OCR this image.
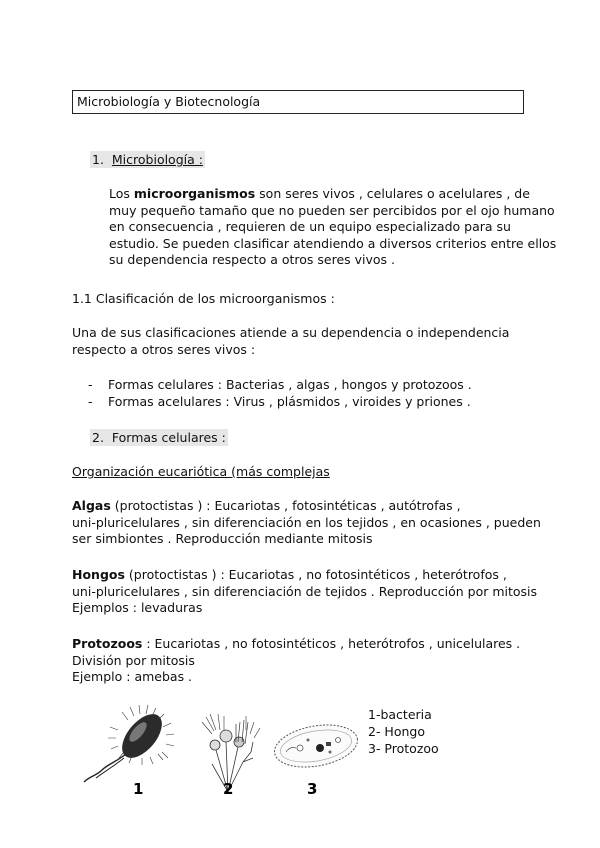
Microbiología y Biotecnología
1. Microbiología :
Los microorganismos son seres vivos , celulares o acelulares , de
muy pequeño tamaño que no pueden ser percibidos por el ojo humano
en consecuencia , requieren de un equipo especializado para su
estudio. Se pueden clasificar atendiendo a diversos criterios entre ellos
su dependencia respecto a otros seres vivos .
1.1 Clasificación de los microorganismos :
Una de sus clasificaciones atiende a su dependencia o independencia
respecto a otros seres vivos :
- Formas celulares : Bacterias , algas , hongos y protozoos .
- Formas acelulares : Virus , plásmidos , viroides y priones .
2. Formas celulares :
Organización eucariótica (más complejas
Algas (protoctistas ) : Eucariotas , fotosintéticas , autótrofas ,
uni-pluricelulares , sin diferenciación en los tejidos , en ocasiones , pueden
ser simbiontes . Reproducción mediante mitosis
Hongos (protoctistas ) : Eucariotas , no fotosintéticos , heterótrofos ,
uni-pluricelulares , sin diferenciación de tejidos . Reproducción por mitosis
Ejemplos : levaduras
Protozoos : Eucariotas , no fotosintéticos , heterótrofos , unicelulares .
División por mitosis
Ejemplo : amebas .
1	2	3
1-bacteria
2- Hongo
3- Protozoo
